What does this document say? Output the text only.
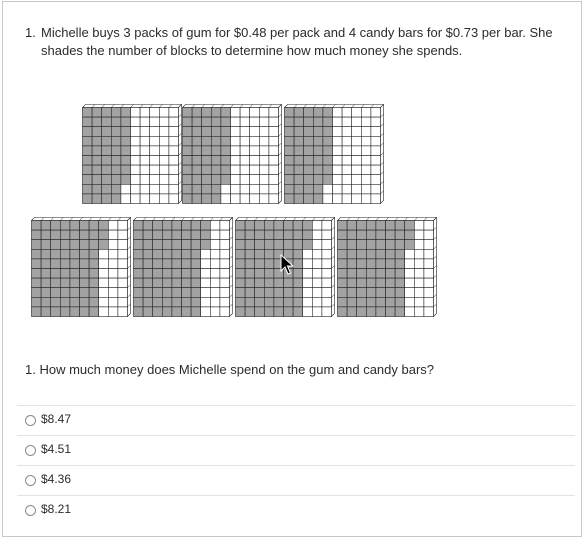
1. Michelle buys 3 packs of gum for $0.48 per pack and 4 candy bars for $0.73 per bar. She shades the number of blocks to determine how much money she spends.
1. How much money does Michelle spend on the gum and candy bars?
$8.47
$4.51
$4.36
$8.21
